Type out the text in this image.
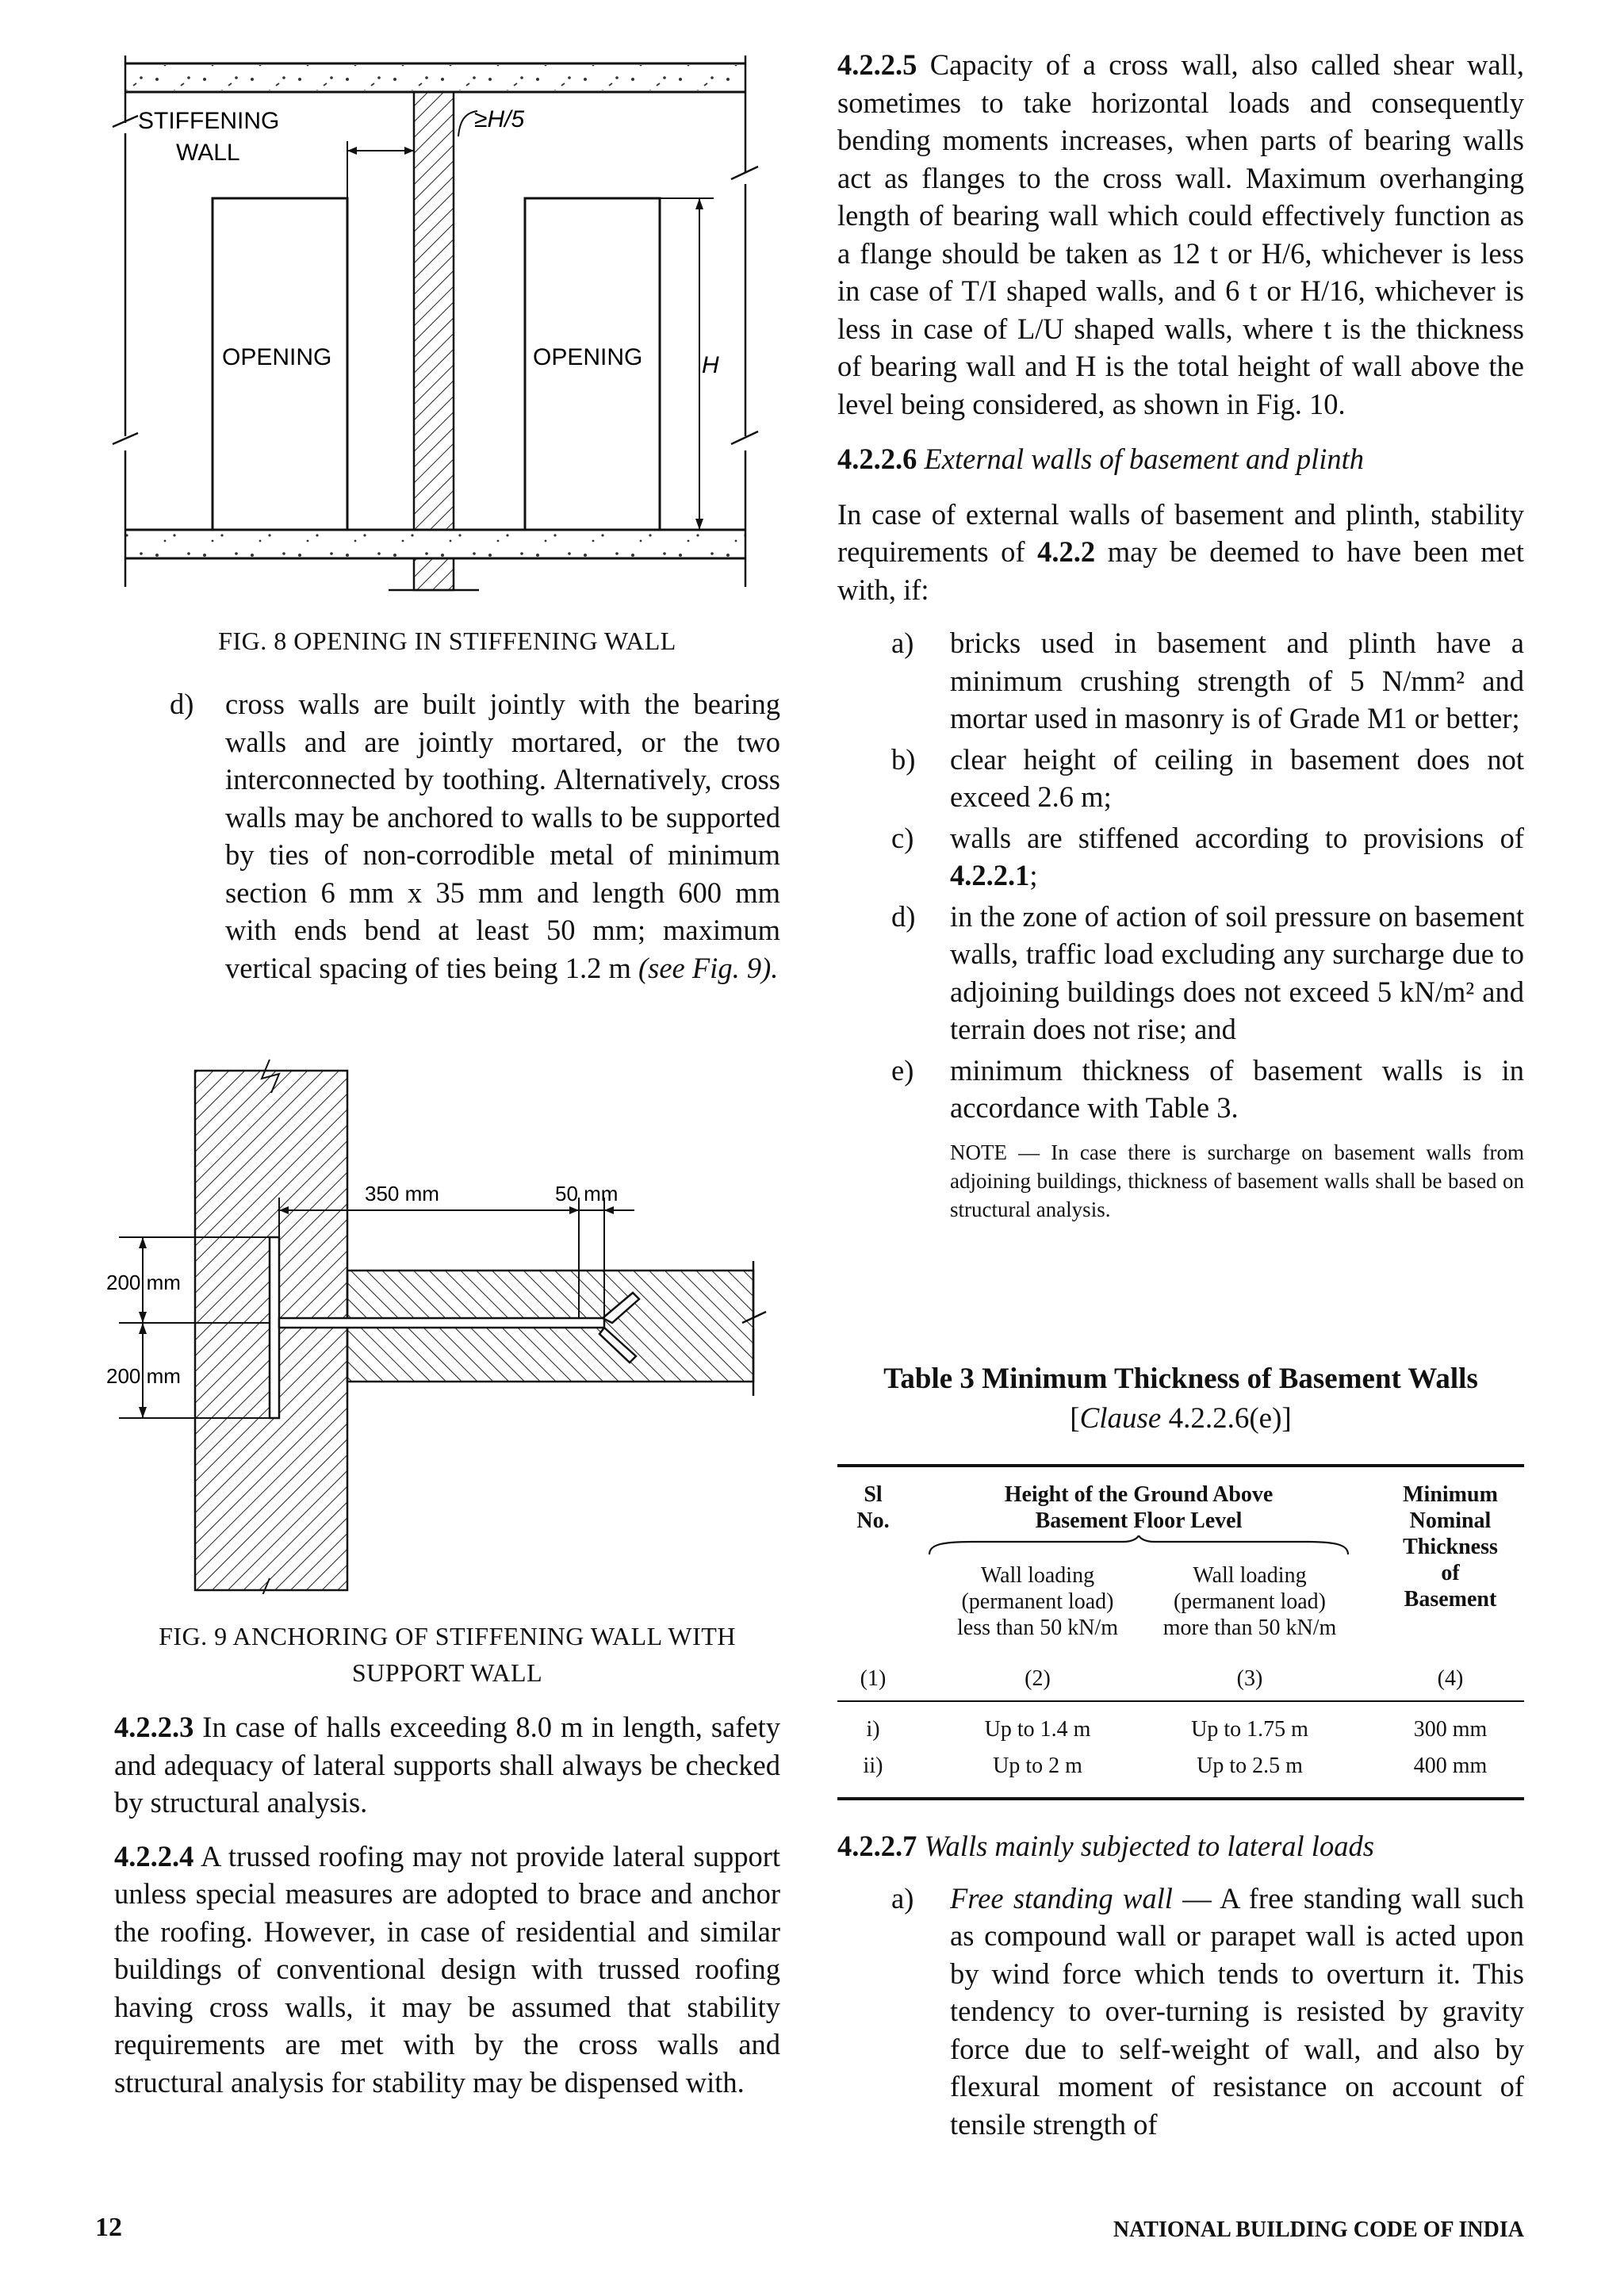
STIFFENING
WALL
≥H/5
OPENING	OPENING H
FIG. 8 OPENING IN STIFFENING WALL
d) cross walls are built jointly with the bearing walls and are jointly mortared, or the two interconnected by toothing. Alternatively, cross walls may be anchored to walls to be supported by ties of non-corrodible metal of minimum section 6 mm x 35 mm and length 600 mm with ends bend at least 50 mm; maximum vertical spacing of ties being 1.2 m (see Fig. 9).
350 mm	50 mm
200 mm
200 mm
FIG. 9 ANCHORING OF STIFFENING WALL WITH
SUPPORT WALL

4.2.2.3 In case of halls exceeding 8.0 m in length, safety and adequacy of lateral supports shall always be checked by structural analysis.

4.2.2.4 A trussed roofing may not provide lateral support unless special measures are adopted to brace and anchor the roofing. However, in case of residential and similar buildings of conventional design with trussed roofing having cross walls, it may be assumed that stability requirements are met with by the cross walls and structural analysis for stability may be dispensed with.

4.2.2.5 Capacity of a cross wall, also called shear wall, sometimes to take horizontal loads and consequently bending moments increases, when parts of bearing walls act as flanges to the cross wall. Maximum overhanging length of bearing wall which could effectively function as a flange should be taken as 12 t or H/6, whichever is less in case of T/I shaped walls, and 6 t or H/16, whichever is less in case of L/U shaped walls, where t is the thickness of bearing wall and H is the total height of wall above the level being considered, as shown in Fig. 10.

4.2.2.6 External walls of basement and plinth

In case of external walls of basement and plinth, stability requirements of 4.2.2 may be deemed to have been met with, if:

a) bricks used in basement and plinth have a minimum crushing strength of 5 N/mm² and mortar used in masonry is of Grade M1 or better;
b) clear height of ceiling in basement does not exceed 2.6 m;
c) walls are stiffened according to provisions of 4.2.2.1;
d) in the zone of action of soil pressure on basement walls, traffic load excluding any surcharge due to adjoining buildings does not exceed 5 kN/m² and terrain does not rise; and
e) minimum thickness of basement walls is in accordance with Table 3.
NOTE — In case there is surcharge on basement walls from adjoining buildings, thickness of basement walls shall be based on structural analysis.
Table 3 Minimum Thickness of Basement Walls
[Clause 4.2.2.6(e)]
Sl
No.
Height of the Ground Above
Basement Floor Level
Wall loading
(permanent load)
less than 50 kN/m
Wall loading
(permanent load)
more than 50 kN/m
Minimum
Nominal
Thickness
of
Basement
(1)	(2)	(3)	(4)
i)	Up to 1.4 m	Up to 1.75 m	300 mm
ii)	Up to 2 m	Up to 2.5 m	400 mm

4.2.2.7 Walls mainly subjected to lateral loads

a) Free standing wall — A free standing wall such as compound wall or parapet wall is acted upon by wind force which tends to overturn it. This tendency to over-turning is resisted by gravity force due to self-weight of wall, and also by flexural moment of resistance on account of tensile strength of
12	NATIONAL BUILDING CODE OF INDIA
